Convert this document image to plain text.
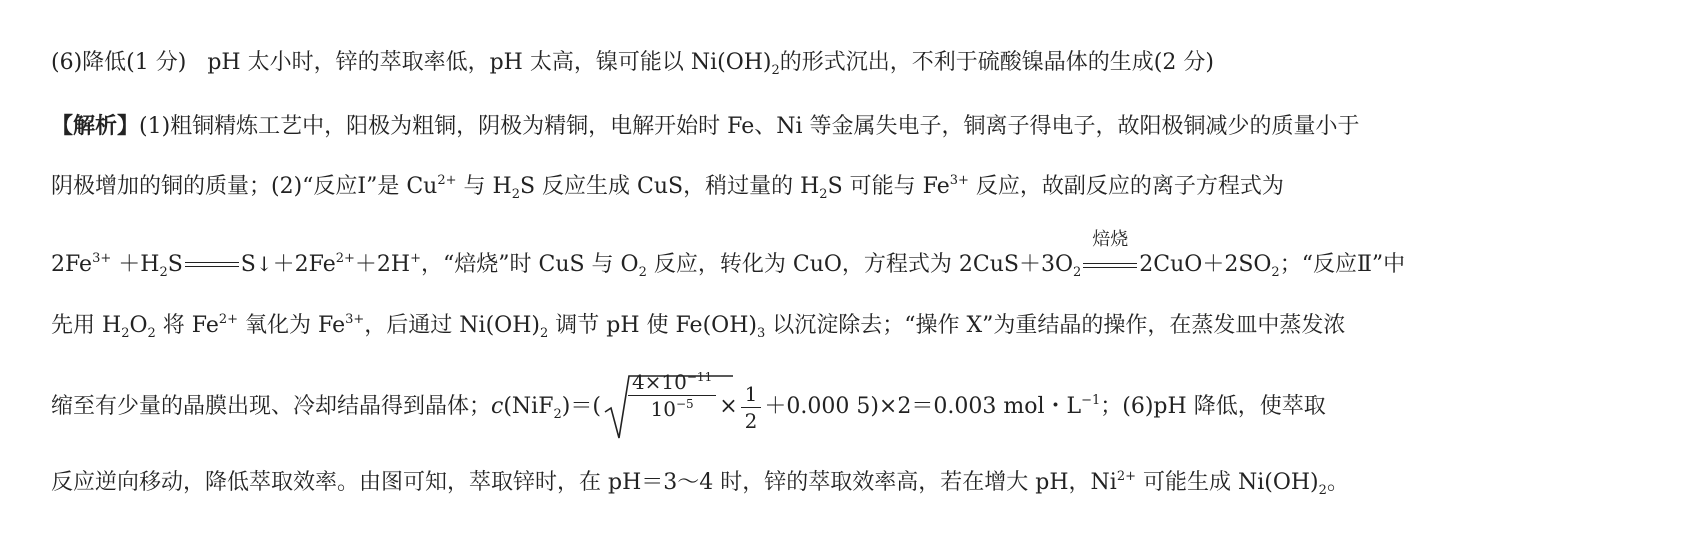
(6)降低(1 分) pH 太小时，锌的萃取率低，pH 太高，镍可能以 $Ni(OH)_2$的形式沉出，不利于硫酸镍晶体的生成(2 分)
【解析】(1)粗铜精炼工艺中，阳极为粗铜，阴极为精铜，电解开始时 Fe、Ni 等金属失电子，铜离子得电子，故阳极铜减少的质量小于
阴极增加的铜的质量；(2)“反应Ⅰ”是 $Cu^{2+}$ 与 $H_2S$ 反应生成 CuS，稍过量的 $H_2S$ 可能与 $Fe^{3+}$ 反应，故副反应的离子方程式为
$2Fe^{3+} +H_2S$	$S↓+2Fe^{2+}+2H^+$，“焙烧”时 CuS 与 $O_2$ 反应，转化为 CuO，方程式为 $2CuS+3O_2$
焙烧
$2CuO+2SO_2$；“反应Ⅱ”中
先用 $H_2O_2$ 将 $Fe^{2+}$ 氧化为 $Fe^{3+}$，后通过 $Ni(OH)_2$ 调节 pH 使 $Fe(OH)_3$ 以沉淀除去；“操作 X”为重结晶的操作，在蒸发皿中蒸发浓
缩至有少量的晶膜出现、冷却结晶得到晶体；$c(NiF_2)=( \frac{4\times 10^{-11}}{10^{-5}} \times \frac{1}{2} +0.000$ 5)×2＝0.003 mol・$L^{-1}$；(6)pH 降低，使萃取
反应逆向移动，降低萃取效率。由图可知，萃取锌时，在 pH＝3～4 时，锌的萃取效率高，若在增大 pH，$Ni^{2+}$ 可能生成 $Ni(OH)_2$。
